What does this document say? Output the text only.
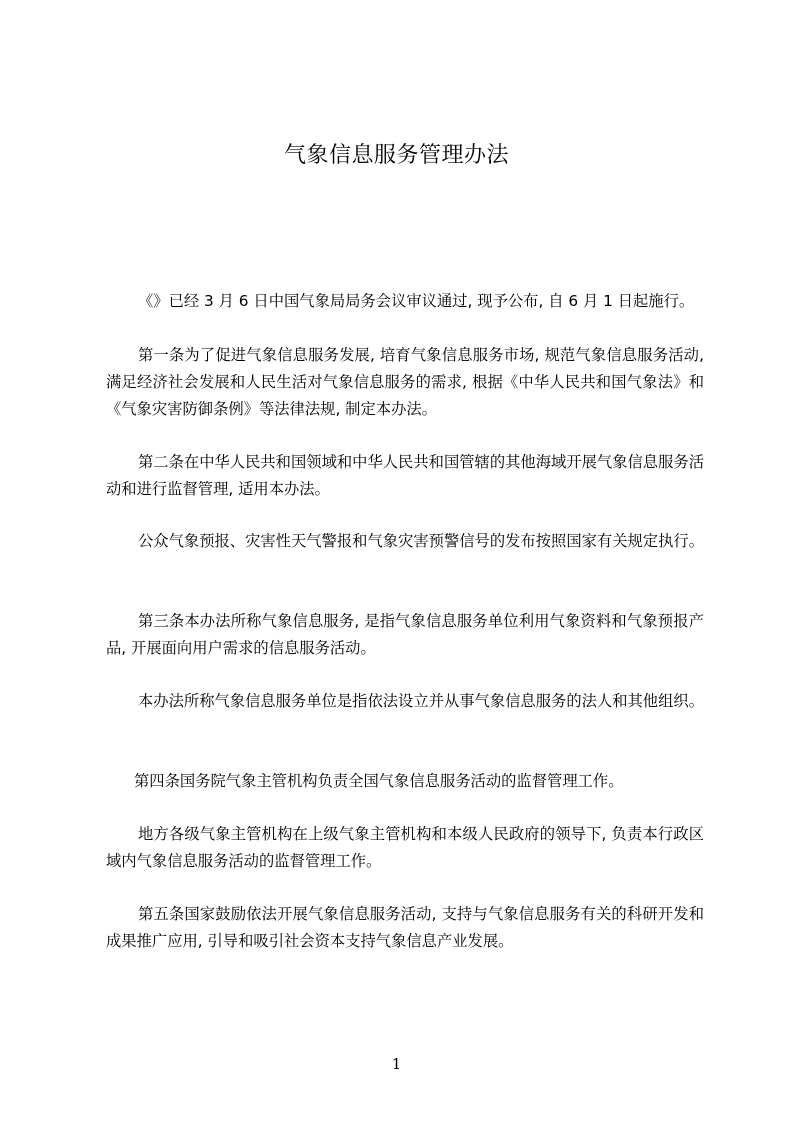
气象信息服务管理办法

《》已经 3 月 6 日中国气象局局务会议审议通过, 现予公布, 自 6 月 1 日起施行。

第一条为了促进气象信息服务发展, 培育气象信息服务市场, 规范气象信息服务活动, 满足经济社会发展和人民生活对气象信息服务的需求, 根据《中华人民共和国气象法》和《气象灾害防御条例》等法律法规, 制定本办法。

第二条在中华人民共和国领域和中华人民共和国管辖的其他海域开展气象信息服务活动和进行监督管理, 适用本办法。

公众气象预报、灾害性天气警报和气象灾害预警信号的发布按照国家有关规定执行。

第三条本办法所称气象信息服务, 是指气象信息服务单位利用气象资料和气象预报产品, 开展面向用户需求的信息服务活动。

本办法所称气象信息服务单位是指依法设立并从事气象信息服务的法人和其他组织。

第四条国务院气象主管机构负责全国气象信息服务活动的监督管理工作。

地方各级气象主管机构在上级气象主管机构和本级人民政府的领导下, 负责本行政区域内气象信息服务活动的监督管理工作。

第五条国家鼓励依法开展气象信息服务活动, 支持与气象信息服务有关的科研开发和成果推广应用, 引导和吸引社会资本支持气象信息产业发展。

1
